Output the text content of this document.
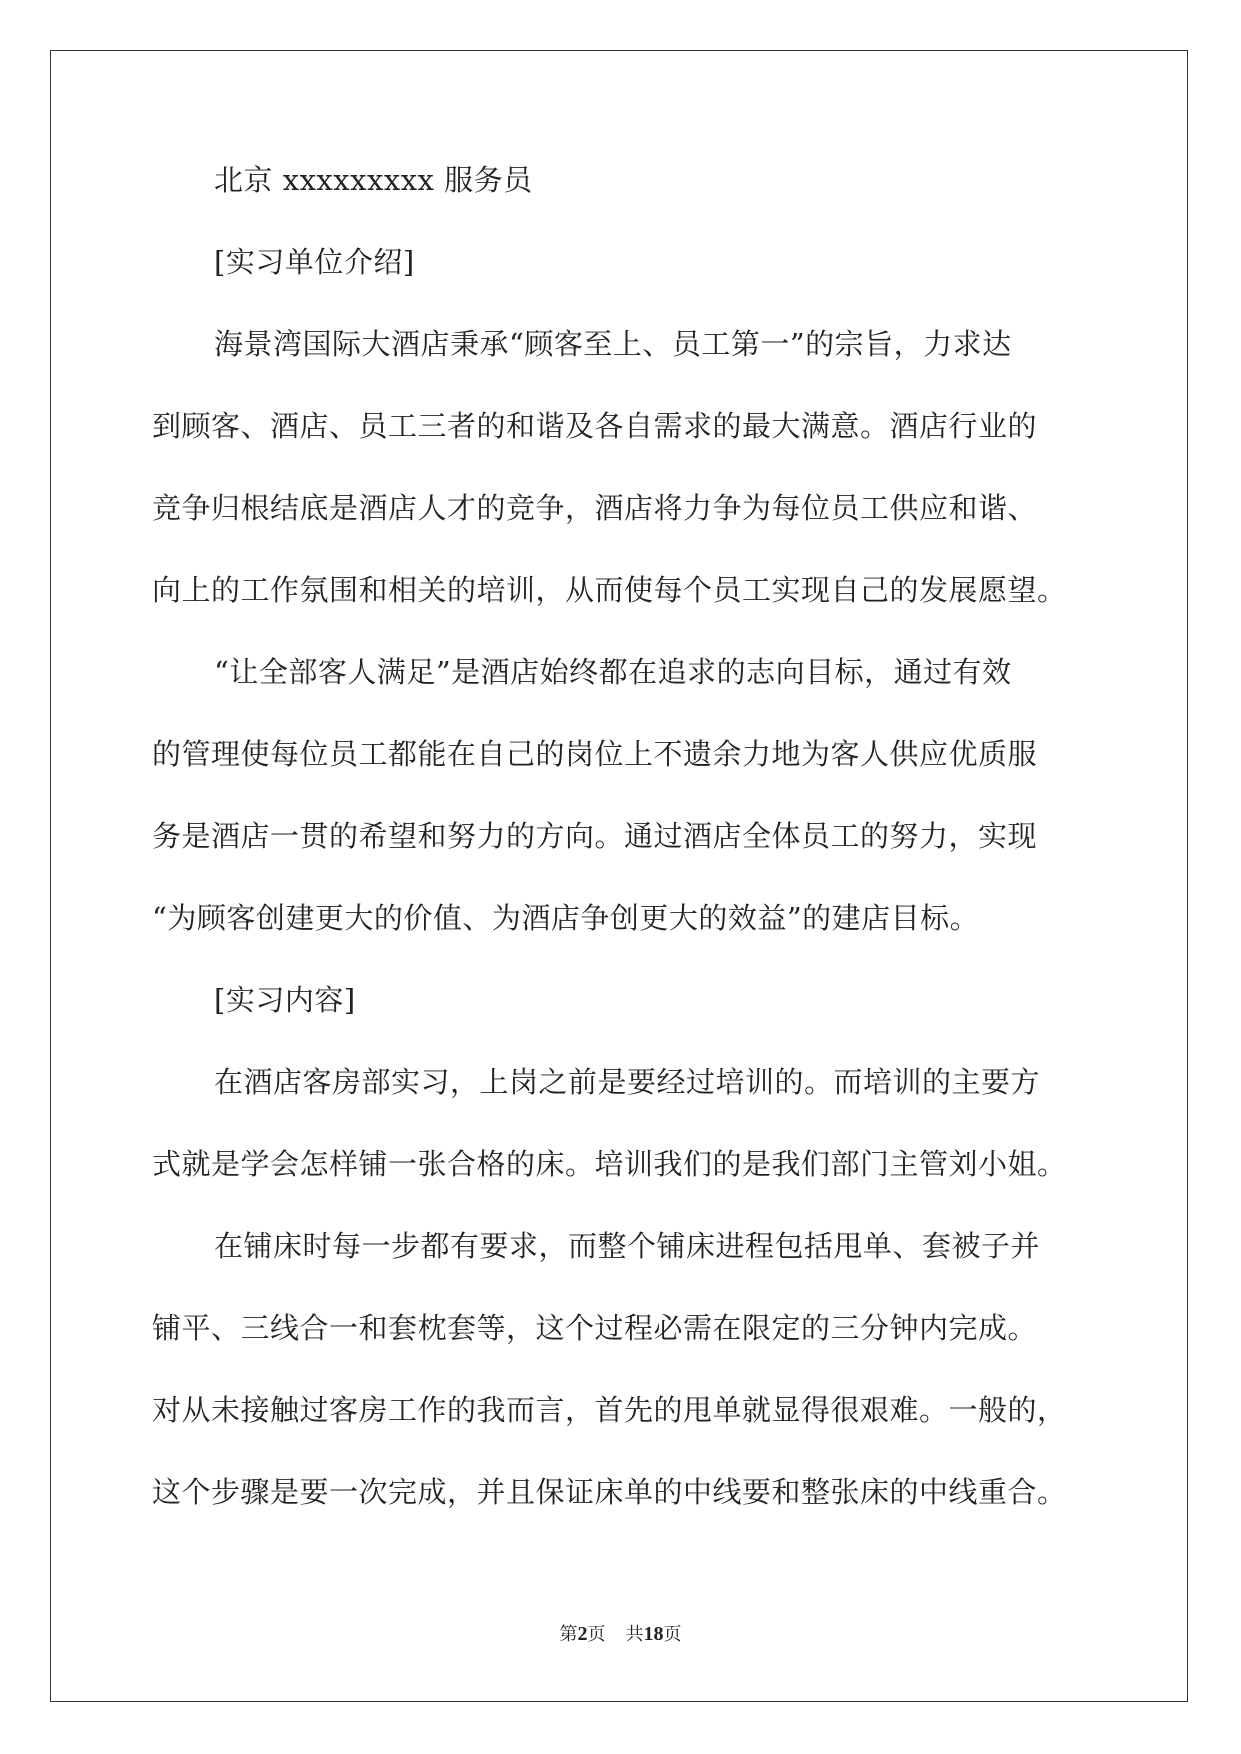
北京 xxxxxxxxx 服务员
[实习单位介绍]
海景湾国际大酒店秉承“顾客至上、员工第一”的宗旨，力求达
到顾客、酒店、员工三者的和谐及各自需求的最大满意。酒店行业的
竞争归根结底是酒店人才的竞争，酒店将力争为每位员工供应和谐、
向上的工作氛围和相关的培训，从而使每个员工实现自己的发展愿望。
“让全部客人满足”是酒店始终都在追求的志向目标，通过有效
的管理使每位员工都能在自己的岗位上不遗余力地为客人供应优质服
务是酒店一贯的希望和努力的方向。通过酒店全体员工的努力，实现
“为顾客创建更大的价值、为酒店争创更大的效益”的建店目标。
[实习内容]
在酒店客房部实习，上岗之前是要经过培训的。而培训的主要方
式就是学会怎样铺一张合格的床。培训我们的是我们部门主管刘小姐。
在铺床时每一步都有要求，而整个铺床进程包括甩单、套被子并
铺平、三线合一和套枕套等，这个过程必需在限定的三分钟内完成。
对从未接触过客房工作的我而言，首先的甩单就显得很艰难。一般的，
这个步骤是要一次完成，并且保证床单的中线要和整张床的中线重合。
第2页 共18页
